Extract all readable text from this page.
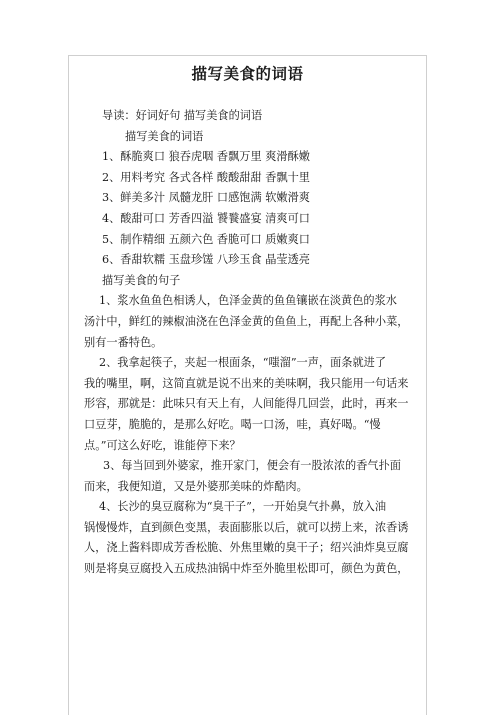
描写美食的词语
导读：好词好句 描写美食的词语
描写美食的词语
1、酥脆爽口 狼吞虎咽 香飘万里 爽滑酥嫩
2、用料考究 各式各样 酸酸甜甜 香飘十里
3、鲜美多汁 凤髓龙肝 口感饱满 软嫩滑爽
4、酸甜可口 芳香四溢 饕餮盛宴 清爽可口
5、制作精细 五颜六色 香脆可口 质嫩爽口
6、香甜软糯 玉盘珍馐 八珍玉食 晶莹透亮
描写美食的句子
1、浆水鱼鱼色相诱人，色泽金黄的鱼鱼镶嵌在淡黄色的浆水
汤汁中，鲜红的辣椒油浇在色泽金黄的鱼鱼上，再配上各种小菜，
别有一番特色。
2、我拿起筷子，夹起一根面条，“嗤溜”一声，面条就进了
我的嘴里，啊，这简直就是说不出来的美味啊，我只能用一句话来
形容，那就是：此味只有天上有，人间能得几回尝，此时，再来一
口豆芽，脆脆的，是那么好吃。喝一口汤，哇，真好喝。“慢
点。”可这么好吃，谁能停下来？
3、每当回到外婆家，推开家门，便会有一股浓浓的香气扑面
而来，我便知道，又是外婆那美味的炸酷肉。
4、长沙的臭豆腐称为“臭干子”，一开始臭气扑鼻，放入油
锅慢慢炸，直到颜色变黑，表面膨胀以后，就可以捞上来，浓香诱
人，浇上酱料即成芳香松脆、外焦里嫩的臭干子；绍兴油炸臭豆腐
则是将臭豆腐投入五成热油锅中炸至外脆里松即可，颜色为黄色，
